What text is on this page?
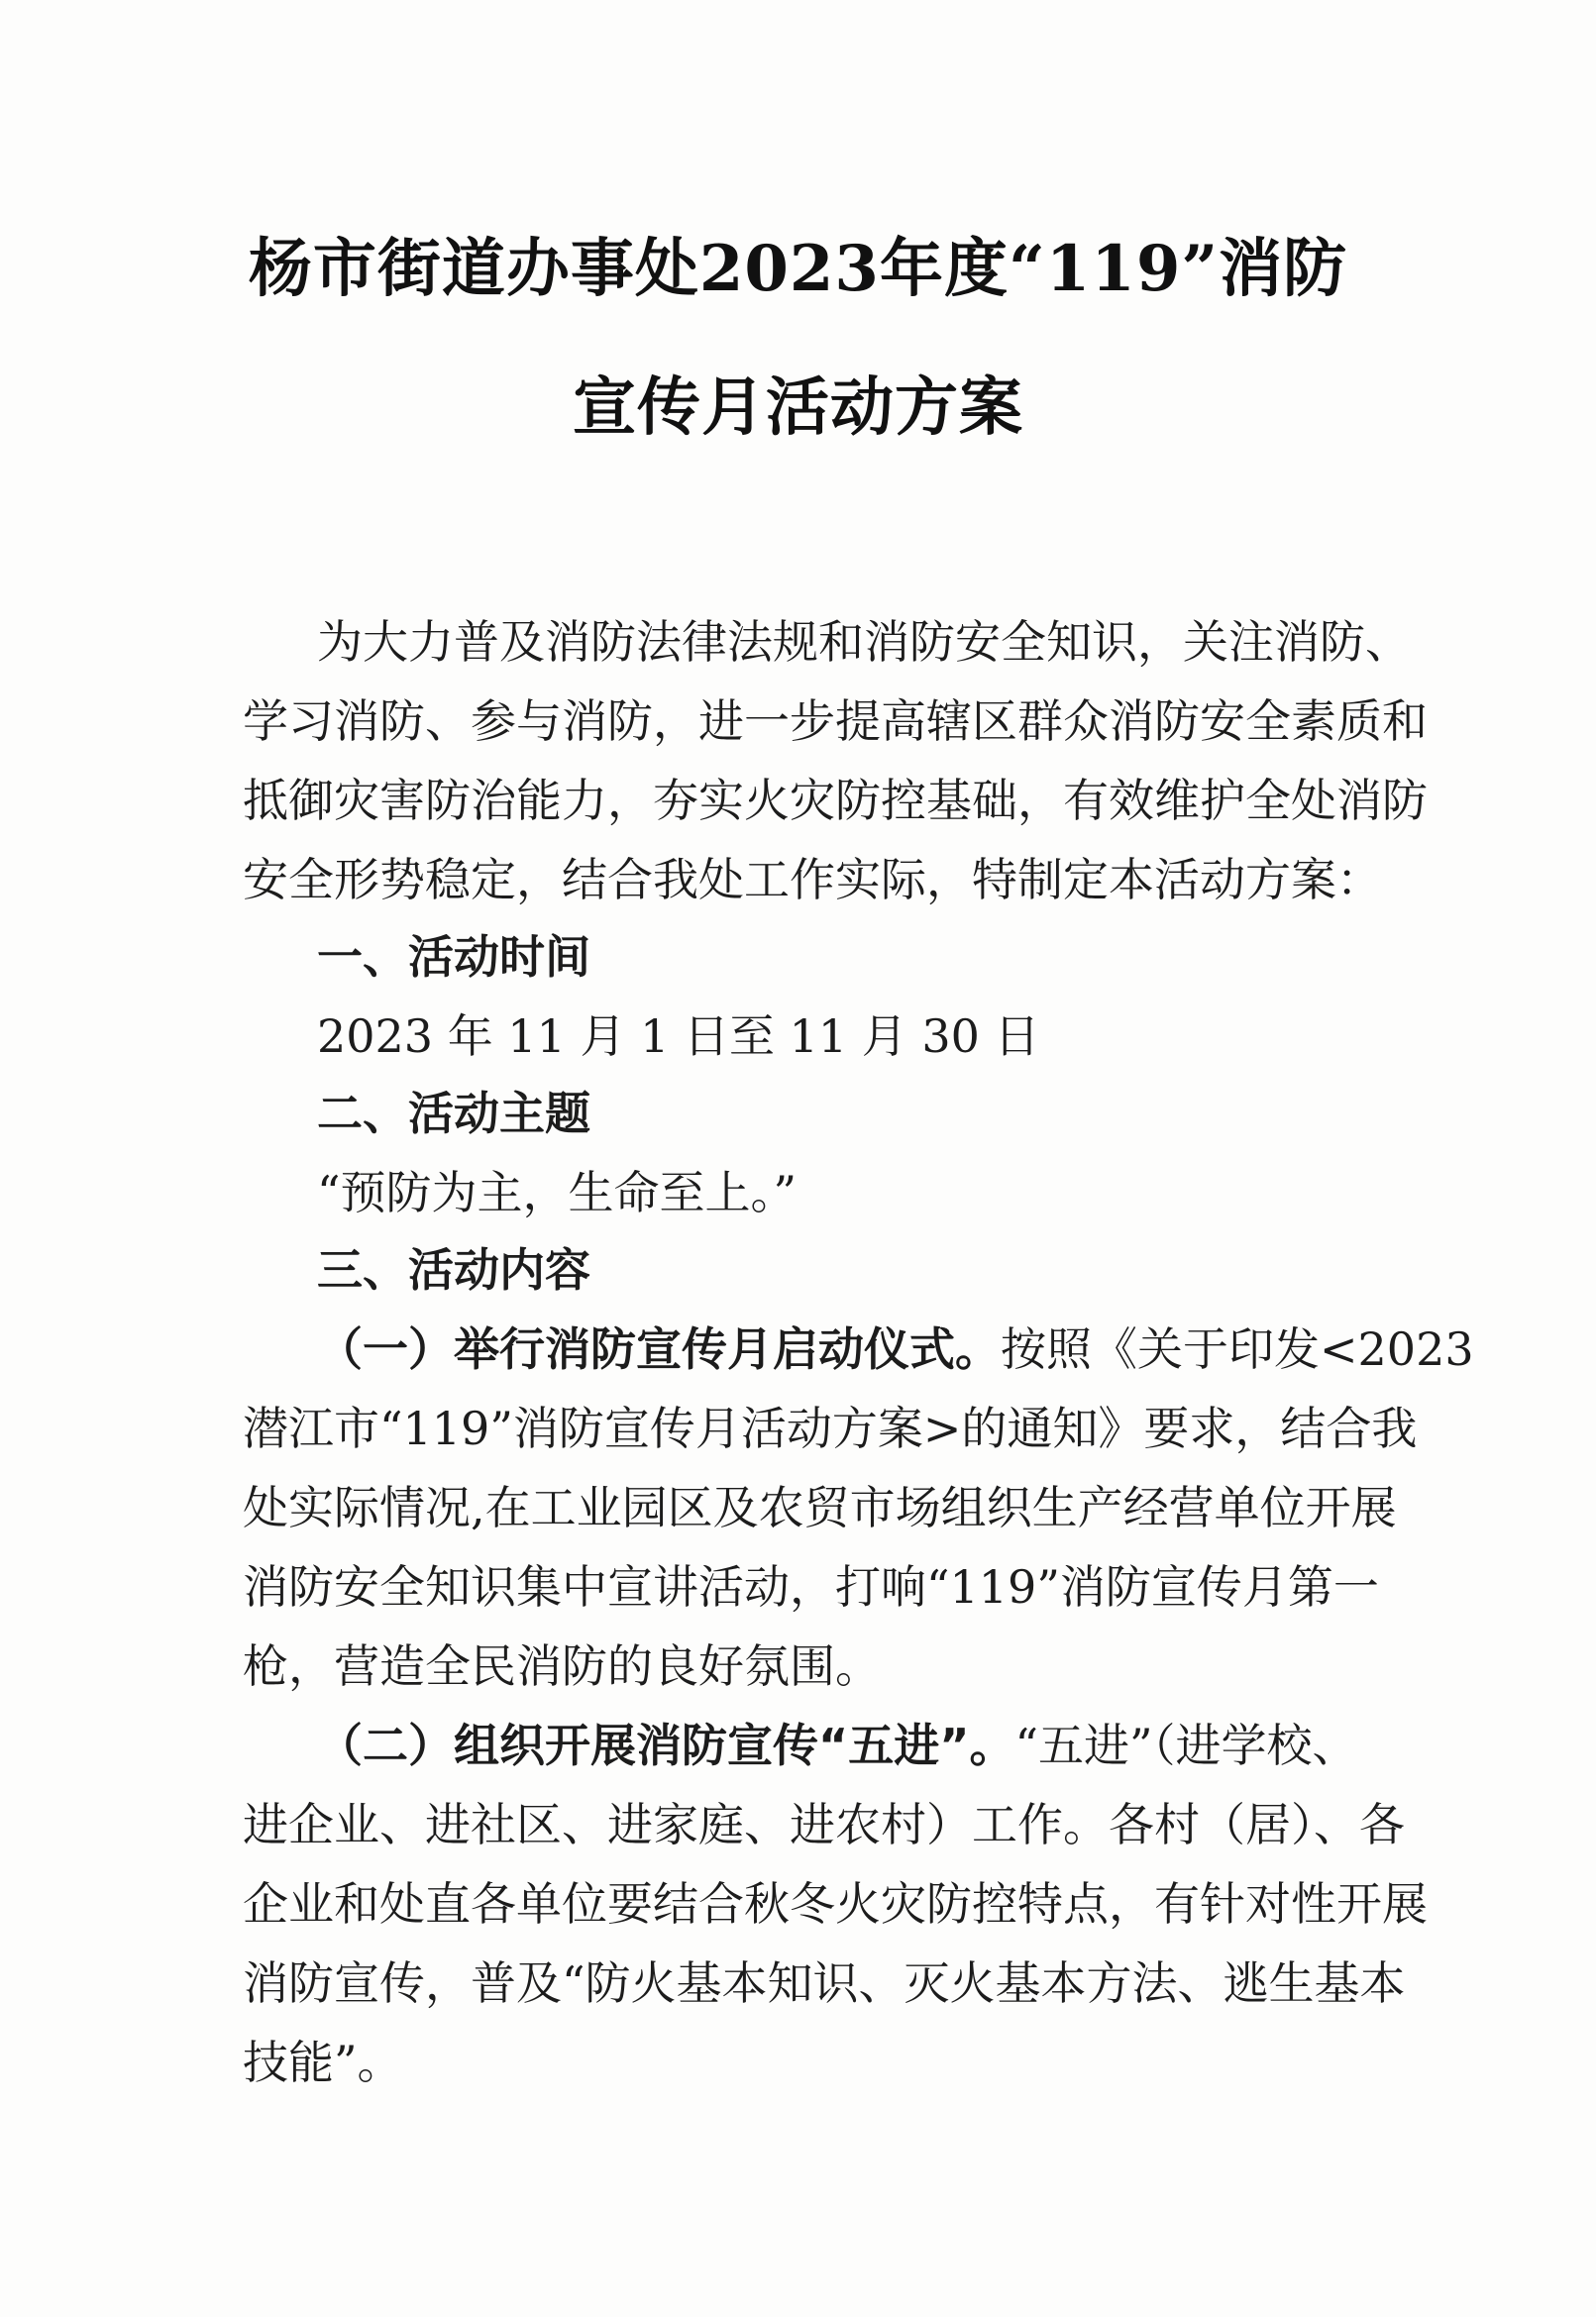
杨市街道办事处2023年度“119”消防
宣传月活动方案
为大力普及消防法律法规和消防安全知识，关注消防、
学习消防、参与消防，进一步提高辖区群众消防安全素质和
抵御灾害防治能力，夯实火灾防控基础，有效维护全处消防
安全形势稳定，结合我处工作实际，特制定本活动方案：
一、活动时间
2023 年 11 月 1 日至 11 月 30 日
二、活动主题
“预防为主，生命至上。”
三、活动内容
（一）举行消防宣传月启动仪式。按照《关于印发<2023
潜江市“119”消防宣传月活动方案>的通知》要求，结合我
处实际情况,在工业园区及农贸市场组织生产经营单位开展
消防安全知识集中宣讲活动，打响“119”消防宣传月第一
枪，营造全民消防的良好氛围。
（二）组织开展消防宣传“五进”。“五进”（进学校、
进企业、进社区、进家庭、进农村）工作。各村（居）、各
企业和处直各单位要结合秋冬火灾防控特点，有针对性开展
消防宣传，普及“防火基本知识、灭火基本方法、逃生基本
技能”。
